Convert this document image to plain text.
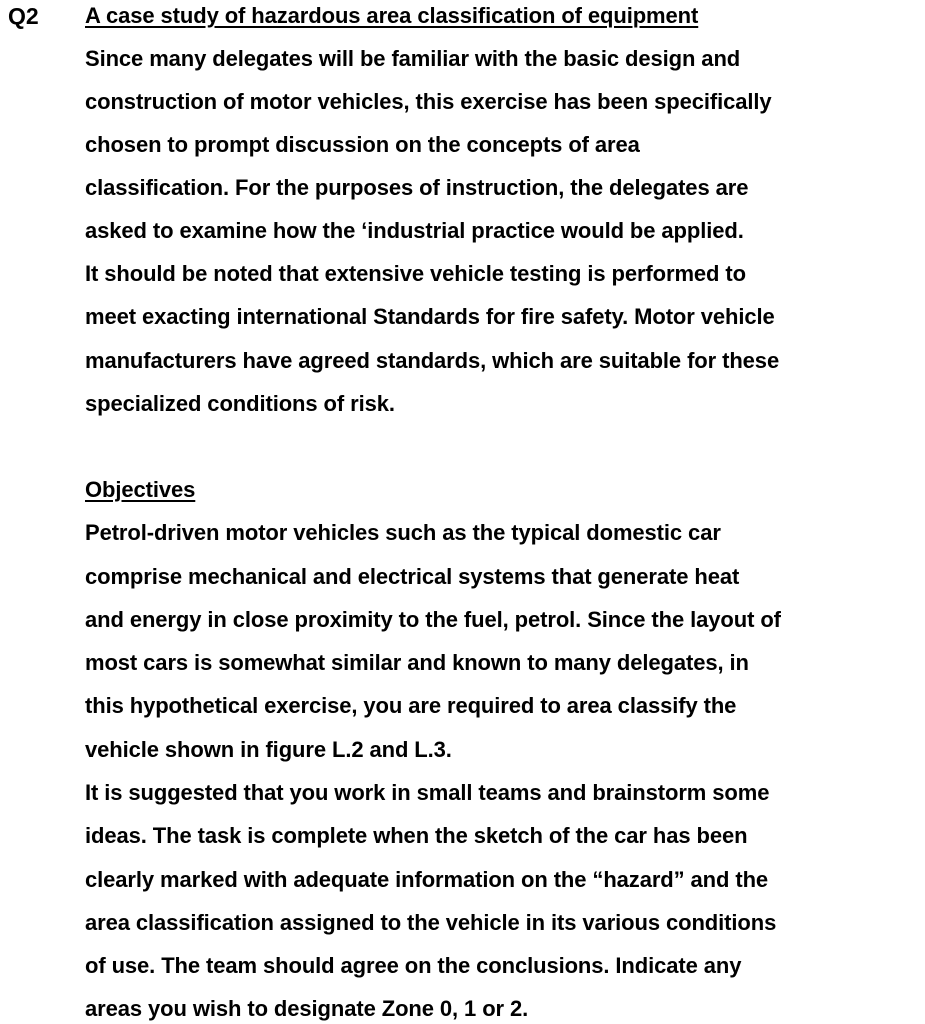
Q2 A case study of hazardous area classification of equipment
Since many delegates will be familiar with the basic design and
construction of motor vehicles, this exercise has been specifically
chosen to prompt discussion on the concepts of area
classification. For the purposes of instruction, the delegates are
asked to examine how the ‘industrial practice would be applied.
It should be noted that extensive vehicle testing is performed to
meet exacting international Standards for fire safety. Motor vehicle
manufacturers have agreed standards, which are suitable for these
specialized conditions of risk.
Objectives
Petrol-driven motor vehicles such as the typical domestic car
comprise mechanical and electrical systems that generate heat
and energy in close proximity to the fuel, petrol. Since the layout of
most cars is somewhat similar and known to many delegates, in
this hypothetical exercise, you are required to area classify the
vehicle shown in figure L.2 and L.3.
It is suggested that you work in small teams and brainstorm some
ideas. The task is complete when the sketch of the car has been
clearly marked with adequate information on the “hazard” and the
area classification assigned to the vehicle in its various conditions
of use. The team should agree on the conclusions. Indicate any
areas you wish to designate Zone 0, 1 or 2.
